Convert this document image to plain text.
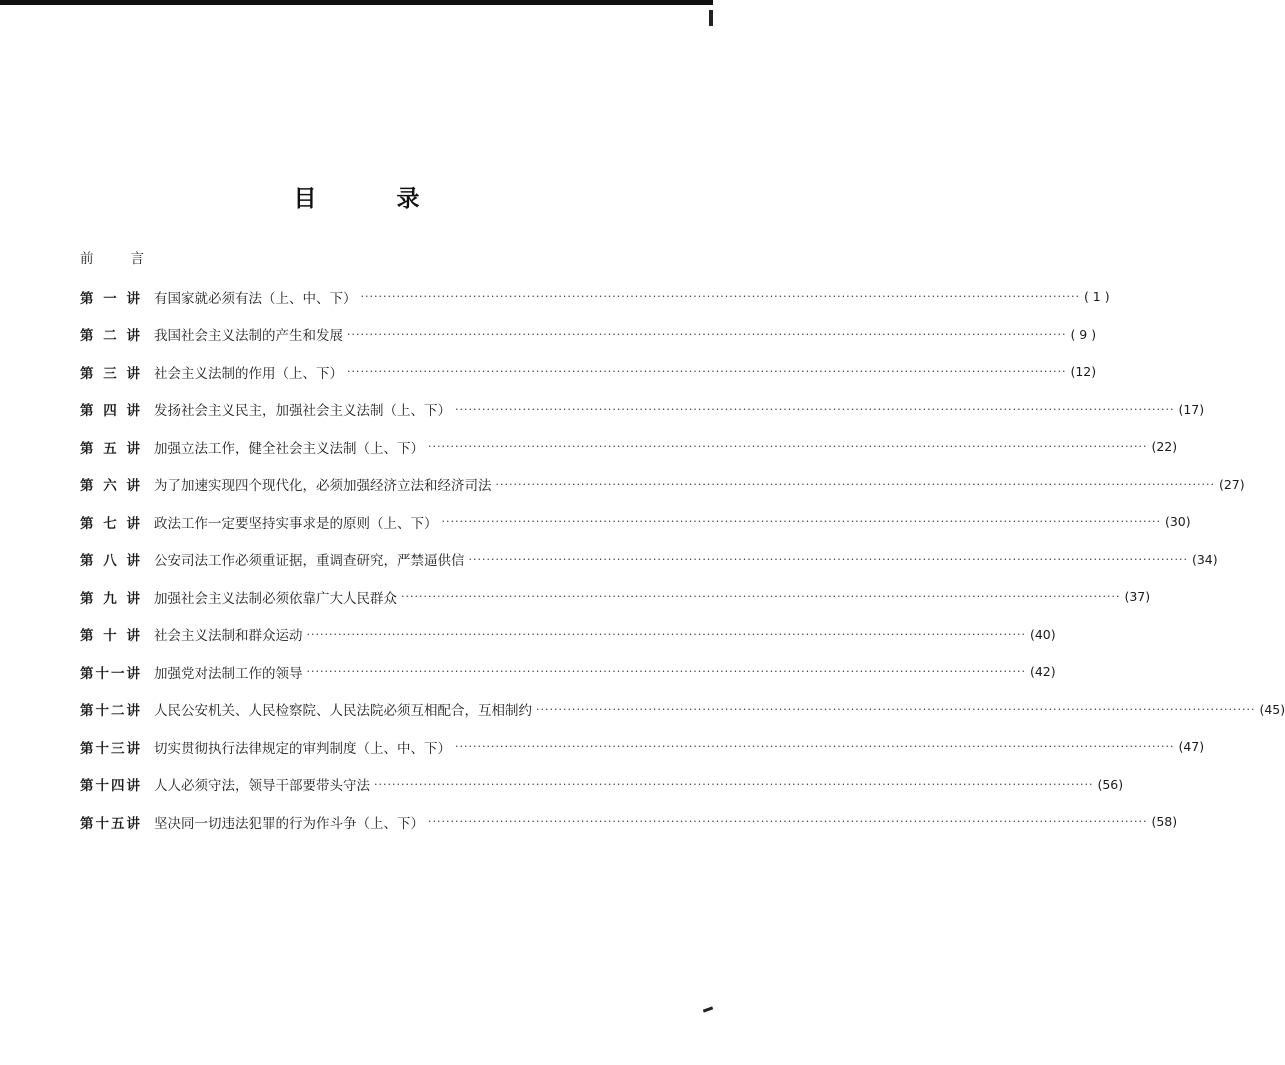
目 录
前 言
第一讲 有国家就必须有法（上、中、下） ································································································································································ ( 1 )
第二讲 我国社会主义法制的产生和发展 ································································································································································ ( 9 )
第三讲 社会主义法制的作用（上、下） ································································································································································ (12)
第四讲 发扬社会主义民主，加强社会主义法制（上、下） ································································································································································ (17)
第五讲 加强立法工作，健全社会主义法制（上、下） ································································································································································ (22)
第六讲 为了加速实现四个现代化，必须加强经济立法和经济司法 ································································································································································ (27)
第七讲 政法工作一定要坚持实事求是的原则（上、下） ································································································································································ (30)
第八讲 公安司法工作必须重证据，重调查研究，严禁逼供信 ································································································································································ (34)
第九讲 加强社会主义法制必须依靠广大人民群众 ································································································································································ (37)
第十讲 社会主义法制和群众运动 ································································································································································ (40)
第十一讲 加强党对法制工作的领导 ································································································································································ (42)
第十二讲 人民公安机关、人民检察院、人民法院必须互相配合，互相制约 ································································································································································ (45)
第十三讲 切实贯彻执行法律规定的审判制度（上、中、下） ································································································································································ (47)
第十四讲 人人必须守法，领导干部要带头守法 ································································································································································ (56)
第十五讲 坚决同一切违法犯罪的行为作斗争（上、下） ································································································································································ (58)
